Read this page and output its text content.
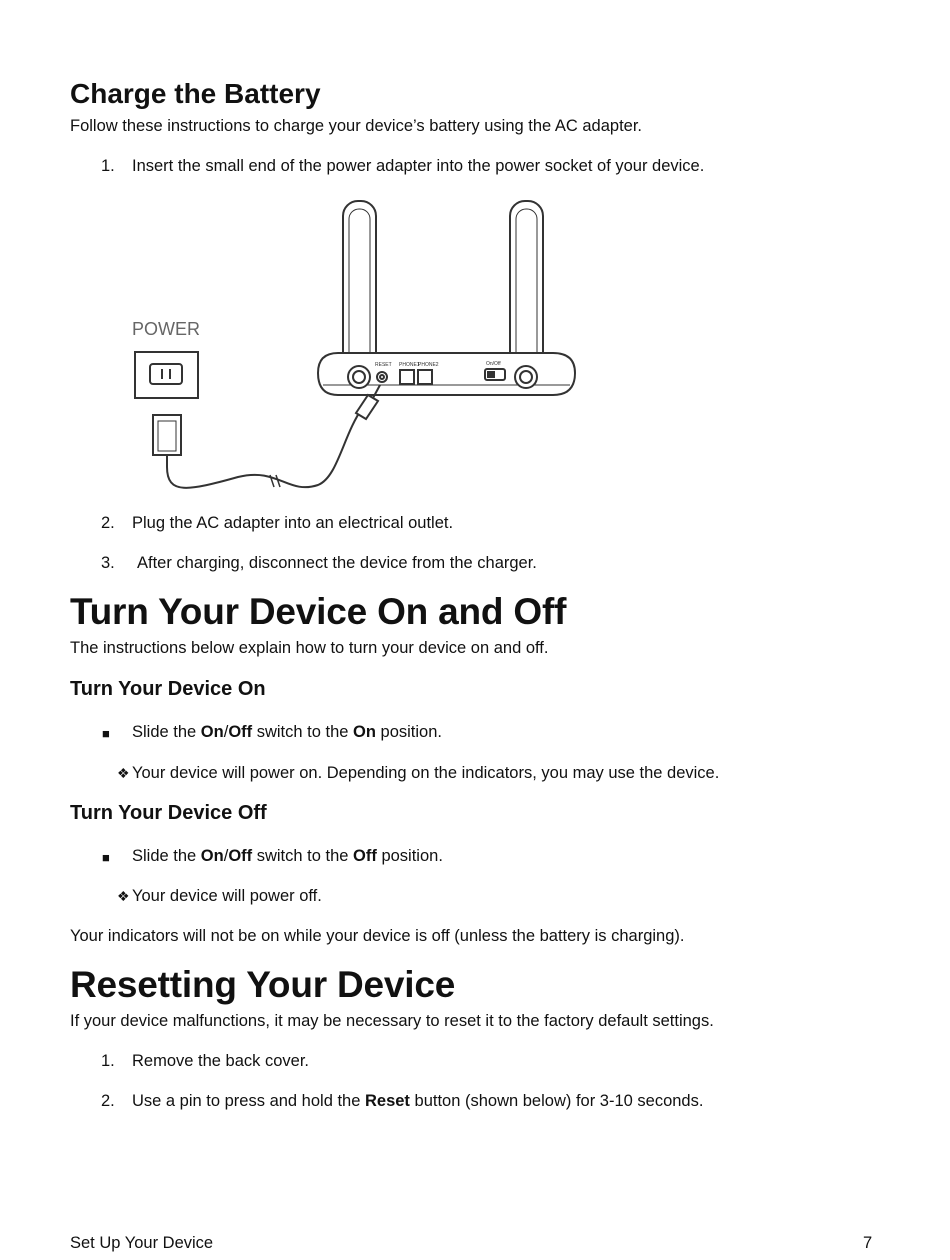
Charge the Battery
Follow these instructions to charge your device’s battery using the AC adapter.
1. Insert the small end of the power adapter into the power socket of your device.
POWER
RESET PHONE1
PHONE2	On/Off
2. Plug the AC adapter into an electrical outlet.
3. After charging, disconnect the device from the charger.
Turn Your Device On and Off
The instructions below explain how to turn your device on and off.
Turn Your Device On
■ Slide the On/Off switch to the On position.
❖ Your device will power on. Depending on the indicators, you may use the device.
Turn Your Device Off
■ Slide the On/Off switch to the Off position.
❖ Your device will power off.
Your indicators will not be on while your device is off (unless the battery is charging).
Resetting Your Device
If your device malfunctions, it may be necessary to reset it to the factory default settings.
1. Remove the back cover.
2. Use a pin to press and hold the Reset button (shown below) for 3-10 seconds.
Set Up Your Device	7
